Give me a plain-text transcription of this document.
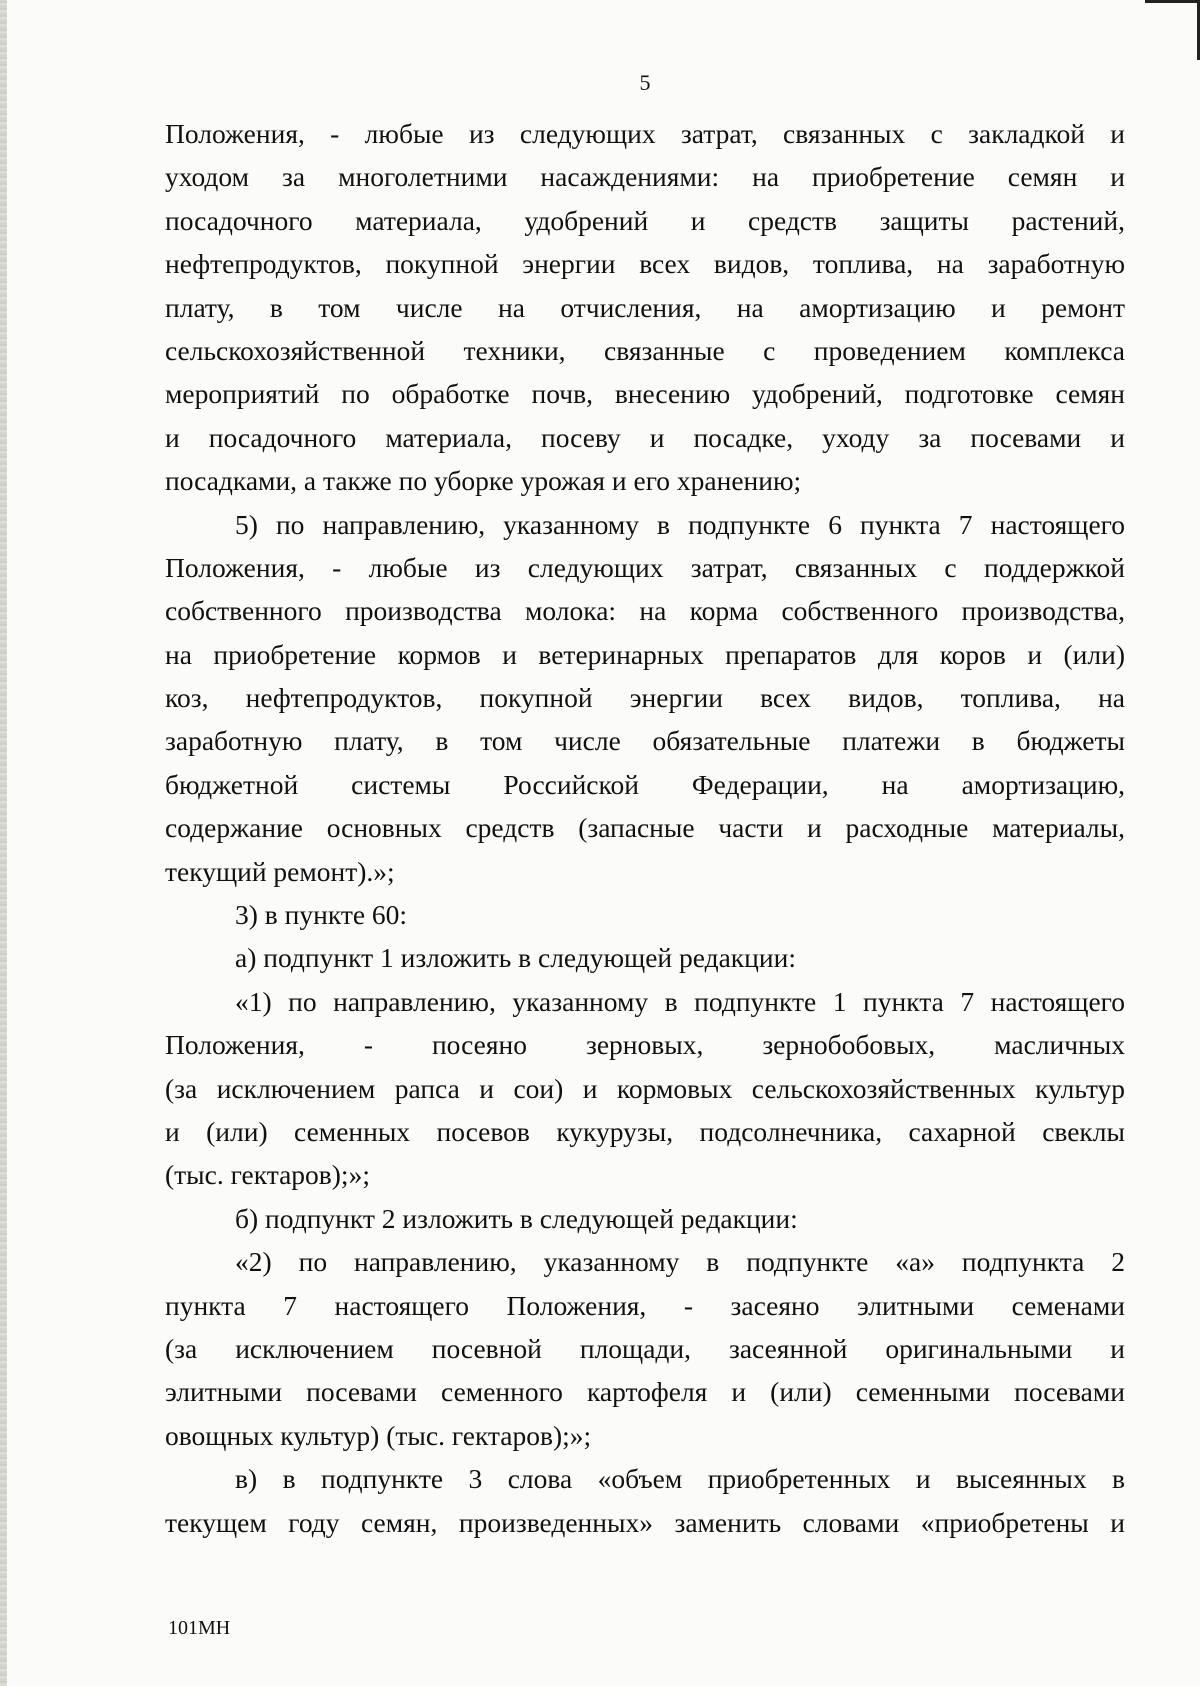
5
Положения, - любые из следующих затрат, связанных с закладкой и
уходом за многолетними насаждениями: на приобретение семян и
посадочного материала, удобрений и средств защиты растений,
нефтепродуктов, покупной энергии всех видов, топлива, на заработную
плату, в том числе на отчисления, на амортизацию и ремонт
сельскохозяйственной техники, связанные с проведением комплекса
мероприятий по обработке почв, внесению удобрений, подготовке семян
и посадочного материала, посеву и посадке, уходу за посевами и
посадками, а также по уборке урожая и его хранению;
5) по направлению, указанному в подпункте 6 пункта 7 настоящего
Положения, - любые из следующих затрат, связанных с поддержкой
собственного производства молока: на корма собственного производства,
на приобретение кормов и ветеринарных препаратов для коров и (или)
коз, нефтепродуктов, покупной энергии всех видов, топлива, на
заработную плату, в том числе обязательные платежи в бюджеты
бюджетной системы Российской Федерации, на амортизацию,
содержание основных средств (запасные части и расходные материалы,
текущий ремонт).»;
3) в пункте 60:
а) подпункт 1 изложить в следующей редакции:
«1) по направлению, указанному в подпункте 1 пункта 7 настоящего
Положения, - посеяно зерновых, зернобобовых, масличных
(за исключением рапса и сои) и кормовых сельскохозяйственных культур
и (или) семенных посевов кукурузы, подсолнечника, сахарной свеклы
(тыс. гектаров);»;
б) подпункт 2 изложить в следующей редакции:
«2) по направлению, указанному в подпункте «а» подпункта 2
пункта 7 настоящего Положения, - засеяно элитными семенами
(за исключением посевной площади, засеянной оригинальными и
элитными посевами семенного картофеля и (или) семенными посевами
овощных культур) (тыс. гектаров);»;
в) в подпункте 3 слова «объем приобретенных и высеянных в
текущем году семян, произведенных» заменить словами «приобретены и
101МН
